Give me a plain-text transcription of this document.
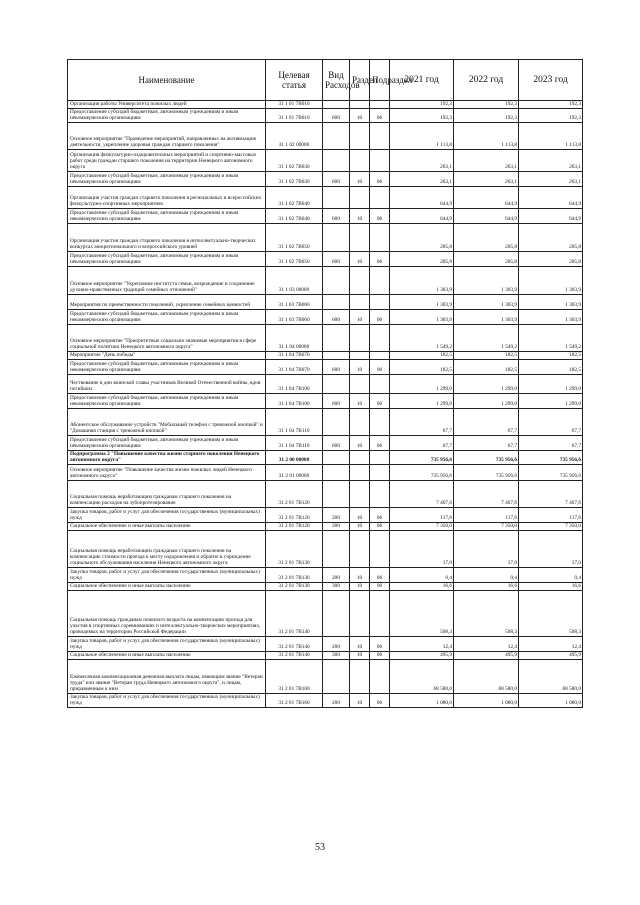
Наименование	Целевая статья	Вид Расходов	Раздел	Подраздел	2021 год	2022 год	2023 год
Организация работы Университета пожилых людей	31 1 01 7В010				192,3	192,3	192,3
Предоставление субсидий бюджетным, автономным учреждениям и иным некоммерческим организациям	31 1 01 7В010	600	10	06	192,3	192,3	192,3
Основное мероприятие "Проведение мероприятий, направленных на активизацию деятельности, укрепление здоровья граждан старшего поколения"	31 1 02 00000				1 113,8	1 113,8	1 113,8
Организация физкультурно-оздоровительных мероприятий и спортивно-массовых работ среди граждан старшего поколения на территории Ненецкого автономного округа	31 1 02 7В030				263,1	263,1	263,1
Предоставление субсидий бюджетным, автономным учреждениям и иным некоммерческим организациям	31 1 02 7В030	600	10	06	263,1	263,1	263,1
Организация участия граждан старшего поколения в региональных и всероссийских физкультурно-спортивных мероприятиях	31 1 02 7В040				644,9	644,9	644,9
Предоставление субсидий бюджетным, автономным учреждениям и иным некоммерческим организациям	31 1 02 7В040	600	10	06	644,9	644,9	644,9
Организация участия граждан старшего поколения в интеллектуально-творческих конкурсах межрегионального и всероссийского уровней	31 1 02 7В050				205,8	205,8	205,8
Предоставление субсидий бюджетным, автономным учреждениям и иным некоммерческим организациям	31 1 02 7В050	600	10	06	205,8	205,8	205,8
Основное мероприятие "Укрепление института семьи, возрождение и сохранение духовно-нравственных традиций семейных отношений"	31 1 03 00000				1 303,9	1 303,9	1 303,9
Мероприятия по преемственности поколений, укрепление семейных ценностей	31 1 03 7В060				1 303,9	1 303,9	1 303,9
Предоставление субсидий бюджетным, автономным учреждениям и иным некоммерческим организациям	31 1 03 7В060	600	10	06	1 303,9	1 303,9	1 303,9
Основное мероприятие "Приоритетные социально значимые мероприятия в сфере социальной политики Ненецкого автономного округа"	31 1 04 00000				1 549,2	1 549,2	1 549,2
Мероприятие "День победы"	31 1 04 7В070				182,5	182,5	182,5
Предоставление субсидий бюджетным, автономным учреждениям и иным некоммерческим организациям	31 1 04 7В070	600	10	06	182,5	182,5	182,5
Чествование в дни воинской славы участников Великой Отечественной войны, вдов погибших	31 1 04 7В100				1 299,0	1 299,0	1 299,0
Предоставление субсидий бюджетным, автономным учреждениям и иным некоммерческим организациям	31 1 04 7В100	600	10	06	1 299,0	1 299,0	1 299,0
Абонентское обслуживание устройств "Мобильный телефон с тревожной кнопкой" и "Домашняя станция с тревожной кнопкой"	31 1 04 7В110				67,7	67,7	67,7
Предоставление субсидий бюджетным, автономным учреждениям и иным некоммерческим организациям	31 1 04 7В110	600	10	06	67,7	67,7	67,7
Подпрограмма 2 "Повышение качества жизни старшего поколения Ненецкого автономного округа"	31 2 00 00000				735 956,6	735 956,6	735 956,6
Основное мероприятие "Повышение качества жизни пожилых людей Ненецкого автономного округа"	31 2 01 00000				735 956,6	735 956,6	735 956,6
Социальная помощь неработающим гражданам старшего поколения на компенсацию расходов на зубопротезирование	31 2 01 7В120				7 467,6	7 467,6	7 467,6
Закупка товаров, работ и услуг для обеспечения государственных (муниципальных) нужд	31 2 01 7В120	200	10	06	117,6	117,6	117,6
Социальное обеспечение и иные выплаты населению	31 2 01 7В120	300	10	06	7 350,0	7 350,0	7 350,0
Социальная помощь неработающим гражданам старшего поколения на компенсацию стоимости проезда к месту оздоровления и обратно в учреждение социального обслуживания населения Ненецкого автономного округа	31 2 01 7В130				17,0	17,0	17,0
Закупка товаров, работ и услуг для обеспечения государственных (муниципальных) нужд	31 2 01 7В130	200	10	06	0,4	0,4	0,4
Социальное обеспечение и иные выплаты населению	31 2 01 7В130	300	10	06	16,6	16,6	16,6
Социальная помощь гражданам пожилого возраста на компенсацию проезда для участия в спортивных соревнованиях и интеллектуально-творческих мероприятиях, проводимых на территории Российской Федерации	31 2 01 7В140				508,3	508,3	508,3
Закупка товаров, работ и услуг для обеспечения государственных (муниципальных) нужд	31 2 01 7В140	200	10	06	12,4	12,4	12,4
Социальное обеспечение и иные выплаты населению	31 2 01 7В140	300	10	06	495,9	495,9	495,9
Ежемесячная компенсационная денежная выплата лицам, имеющим звание "Ветеран труда" или звание "Ветеран труда Ненецкого автономного округа", и лицам, приравненным к ним	31 2 01 7В160				68 580,0	68 580,0	68 580,0
Закупка товаров, работ и услуг для обеспечения государственных (муниципальных) нужд	31 2 01 7В160	200	10	06	1 080,0	1 080,0	1 080,0
53
